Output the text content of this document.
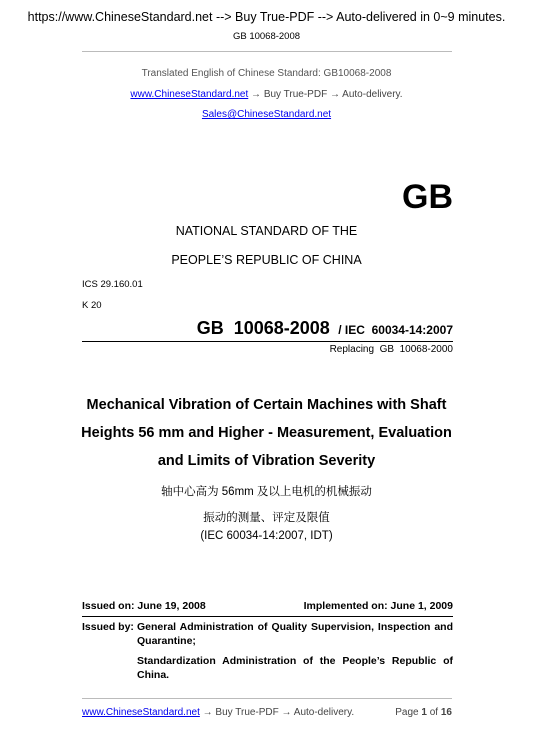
https://www.ChineseStandard.net --> Buy True-PDF --> Auto-delivered in 0~9 minutes.
GB 10068-2008
Translated English of Chinese Standard: GB10068-2008
www.ChineseStandard.net → Buy True-PDF → Auto-delivery.
Sales@ChineseStandard.net
GB
NATIONAL STANDARD OF THE
PEOPLE’S REPUBLIC OF CHINA
ICS 29.160.01
K 20
GB  10068-2008 / IEC  60034-14:2007
Replacing  GB  10068-2000
Mechanical Vibration of Certain Machines with Shaft
Heights 56 mm and Higher - Measurement, Evaluation
and Limits of Vibration Severity
轴中心高为 56mm 及以上电机的机械振动
振动的测量、评定及限值
(IEC 60034-14:2007, IDT)
Issued on: June 19, 2008	Implemented on: June 1, 2009
Issued by: General Administration of Quality Supervision, Inspection and
Quarantine;
Standardization Administration of the People’s Republic of
China.
www.ChineseStandard.net → Buy True-PDF → Auto-delivery.	Page 1 of 16
